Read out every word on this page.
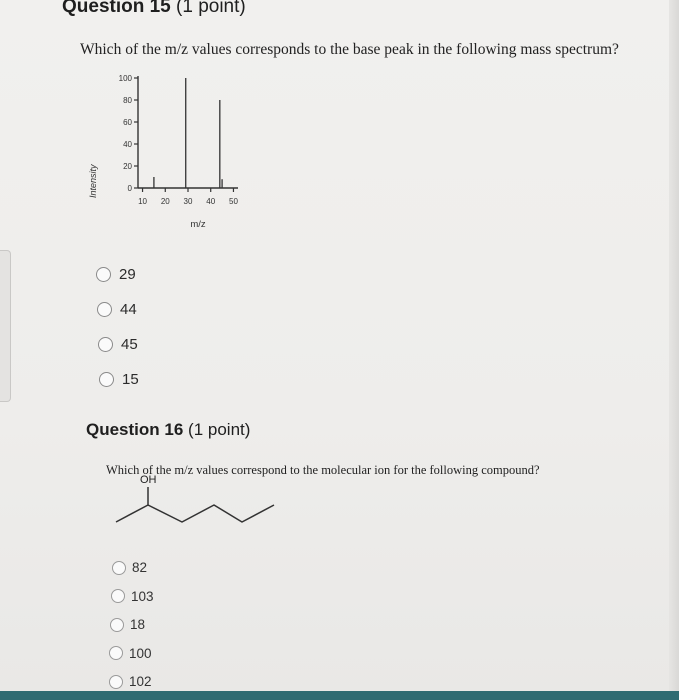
Question 15 (1 point)
Which of the m/z values corresponds to the base peak in the following mass spectrum?
Intensity
m/z
0
20
40
60
80
100
10 20 30 40 50
29
44
45
15
Question 16 (1 point)
Which of the m/z values correspond to the molecular ion for the following compound?
OH
82
103
18
100
102
